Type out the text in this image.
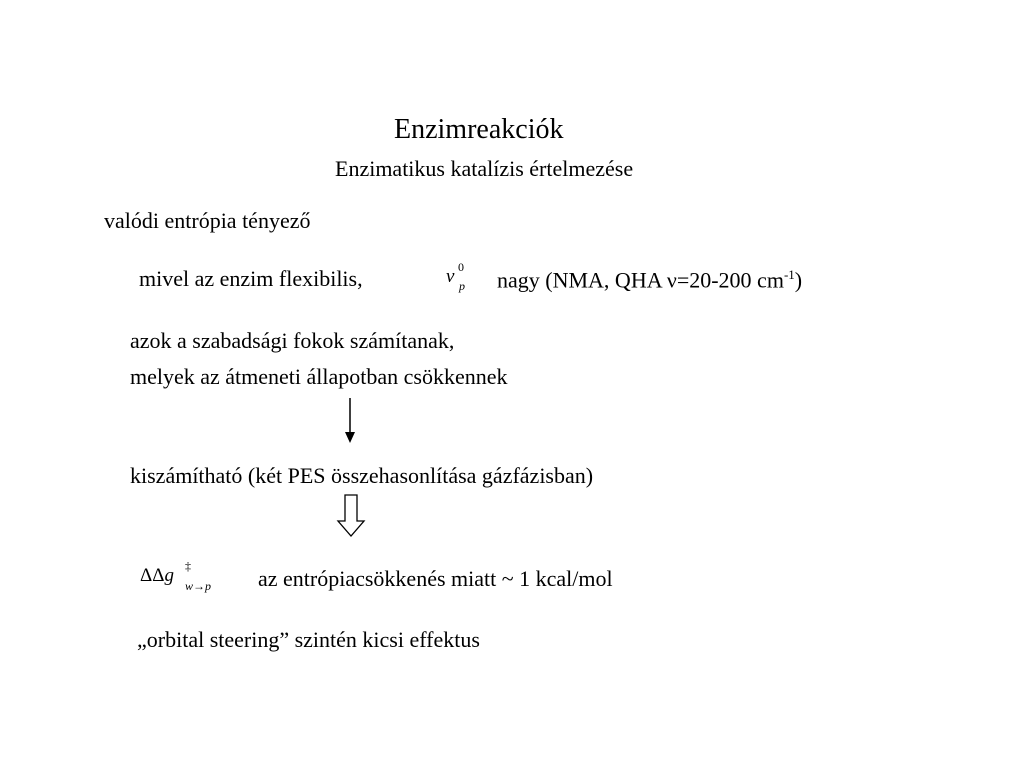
Enzimreakciók
Enzimatikus katalízis értelmezése
valódi entrópia tényező
mivel az enzim flexibilis,	v 0
p nagy (NMA, QHA ν=20-200 $cm^{-1}$)
azok a szabadsági fokok számítanak,
melyek az átmeneti állapotban csökkennek
kiszámítható (két PES összehasonlítása gázfázisban)
ΔΔg ‡
w→p az entrópiacsökkenés miatt ~ 1 kcal/mol
„orbital steering” szintén kicsi effektus
